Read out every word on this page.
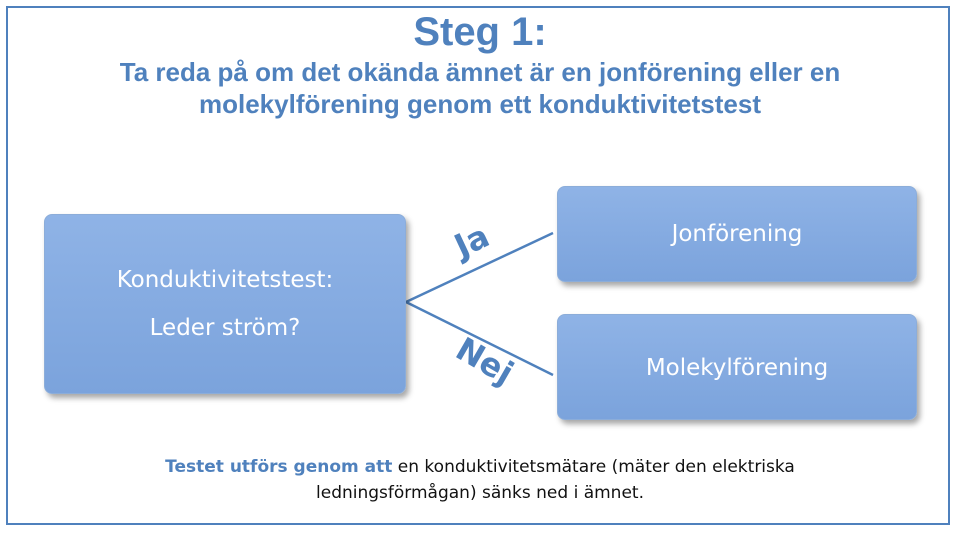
Steg 1:
Ta reda på om det okända ämnet är en jonförening eller en
molekylförening genom ett konduktivitetstest
Konduktivitetstest:
Leder ström?
Ja
Nej
Jonförening
Molekylförening
Testet utförs genom att en konduktivitetsmätare (mäter den elektriska
ledningsförmågan) sänks ned i ämnet.
